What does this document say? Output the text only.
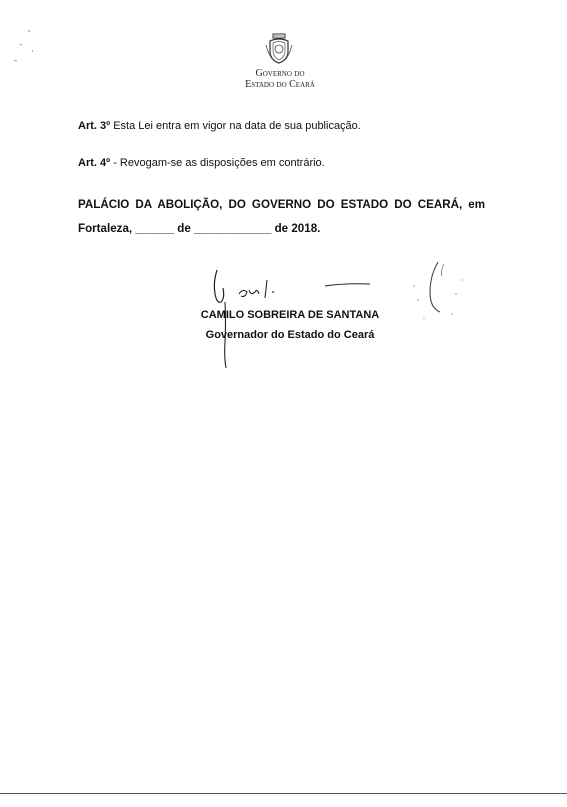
Governo do
Estado do Ceará
Art. 3º Esta Lei entra em vigor na data de sua publicação.
Art. 4º - Revogam-se as disposições em contrário.
PALÁCIO DA ABOLIÇÃO, DO GOVERNO DO ESTADO DO CEARÁ, em
Fortaleza, ______ de ____________ de 2018.
CAMILO SOBREIRA DE SANTANA
Governador do Estado do Ceará
